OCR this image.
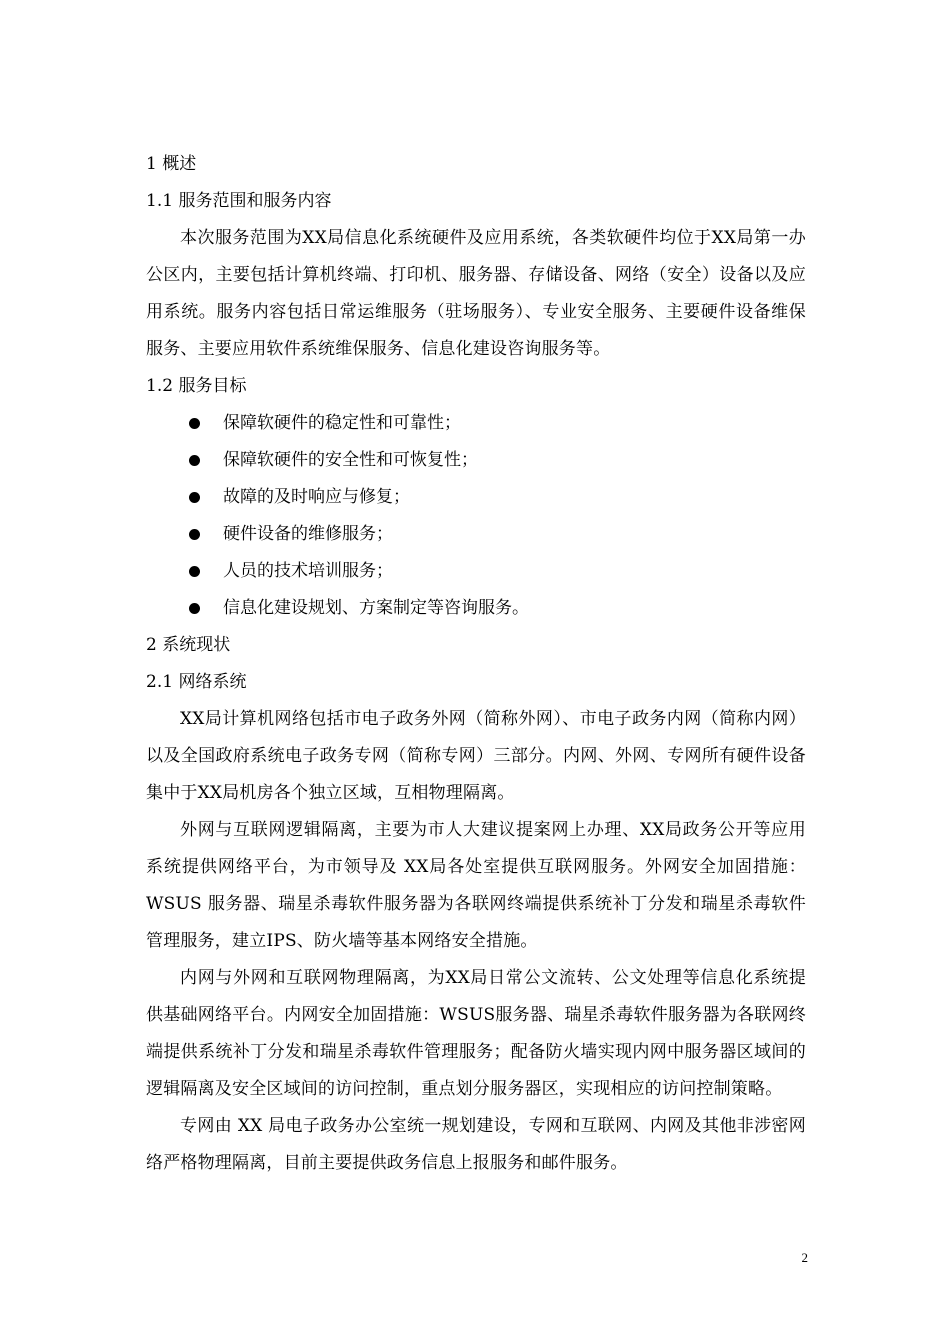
1 概述

1.1 服务范围和服务内容

本次服务范围为XX局信息化系统硬件及应用系统，各类软硬件均位于XX局第一办公区内，主要包括计算机终端、打印机、服务器、存储设备、网络（安全）设备以及应用系统。服务内容包括日常运维服务（驻场服务）、专业安全服务、主要硬件设备维保服务、主要应用软件系统维保服务、信息化建设咨询服务等。

1.2 服务目标

保障软硬件的稳定性和可靠性；
保障软硬件的安全性和可恢复性；
故障的及时响应与修复；
硬件设备的维修服务；
人员的技术培训服务；
信息化建设规划、方案制定等咨询服务。

2 系统现状

2.1 网络系统

XX局计算机网络包括市电子政务外网（简称外网）、市电子政务内网（简称内网）以及全国政府系统电子政务专网（简称专网）三部分。内网、外网、专网所有硬件设备集中于XX局机房各个独立区域，互相物理隔离。

外网与互联网逻辑隔离，主要为市人大建议提案网上办理、XX局政务公开等应用系统提供网络平台，为市领导及 XX局各处室提供互联网服务。外网安全加固措施：WSUS 服务器、瑞星杀毒软件服务器为各联网终端提供系统补丁分发和瑞星杀毒软件管理服务，建立IPS、防火墙等基本网络安全措施。

内网与外网和互联网物理隔离，为XX局日常公文流转、公文处理等信息化系统提供基础网络平台。内网安全加固措施：WSUS服务器、瑞星杀毒软件服务器为各联网终端提供系统补丁分发和瑞星杀毒软件管理服务；配备防火墙实现内网中服务器区域间的逻辑隔离及安全区域间的访问控制，重点划分服务器区，实现相应的访问控制策略。

专网由 XX 局电子政务办公室统一规划建设，专网和互联网、内网及其他非涉密网络严格物理隔离，目前主要提供政务信息上报服务和邮件服务。

2
